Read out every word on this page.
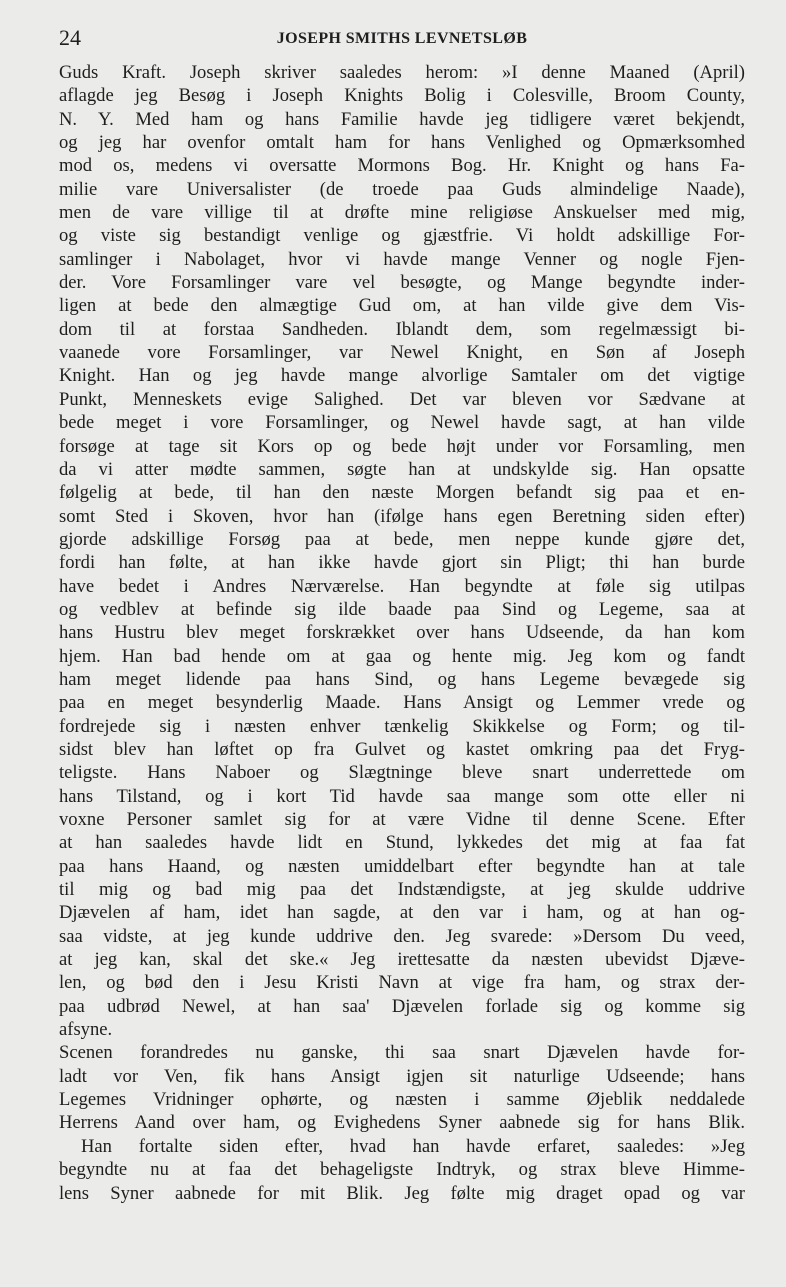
24	JOSEPH SMITHS LEVNETSLØB
Guds Kraft. Joseph skriver saaledes herom: »I denne Maaned (April)
aflagde jeg Besøg i Joseph Knights Bolig i Colesville, Broom County,
N. Y. Med ham og hans Familie havde jeg tidligere været bekjendt,
og jeg har ovenfor omtalt ham for hans Venlighed og Opmærksomhed
mod os, medens vi oversatte Mormons Bog. Hr. Knight og hans Fa-
milie vare Universalister (de troede paa Guds almindelige Naade),
men de vare villige til at drøfte mine religiøse Anskuelser med mig,
og viste sig bestandigt venlige og gjæstfrie. Vi holdt adskillige For-
samlinger i Nabolaget, hvor vi havde mange Venner og nogle Fjen-
der. Vore Forsamlinger vare vel besøgte, og Mange begyndte inder-
ligen at bede den almægtige Gud om, at han vilde give dem Vis-
dom til at forstaa Sandheden. Iblandt dem, som regelmæssigt bi-
vaanede vore Forsamlinger, var Newel Knight, en Søn af Joseph
Knight. Han og jeg havde mange alvorlige Samtaler om det vigtige
Punkt, Menneskets evige Salighed. Det var bleven vor Sædvane at
bede meget i vore Forsamlinger, og Newel havde sagt, at han vilde
forsøge at tage sit Kors op og bede højt under vor Forsamling, men
da vi atter mødte sammen, søgte han at undskylde sig. Han opsatte
følgelig at bede, til han den næste Morgen befandt sig paa et en-
somt Sted i Skoven, hvor han (ifølge hans egen Beretning siden efter)
gjorde adskillige Forsøg paa at bede, men neppe kunde gjøre det,
fordi han følte, at han ikke havde gjort sin Pligt; thi han burde
have bedet i Andres Nærværelse. Han begyndte at føle sig utilpas
og vedblev at befinde sig ilde baade paa Sind og Legeme, saa at
hans Hustru blev meget forskrækket over hans Udseende, da han kom
hjem. Han bad hende om at gaa og hente mig. Jeg kom og fandt
ham meget lidende paa hans Sind, og hans Legeme bevægede sig
paa en meget besynderlig Maade. Hans Ansigt og Lemmer vrede og
fordrejede sig i næsten enhver tænkelig Skikkelse og Form; og til-
sidst blev han løftet op fra Gulvet og kastet omkring paa det Fryg-
teligste. Hans Naboer og Slægtninge bleve snart underrettede om
hans Tilstand, og i kort Tid havde saa mange som otte eller ni
voxne Personer samlet sig for at være Vidne til denne Scene. Efter
at han saaledes havde lidt en Stund, lykkedes det mig at faa fat
paa hans Haand, og næsten umiddelbart efter begyndte han at tale
til mig og bad mig paa det Indstændigste, at jeg skulde uddrive
Djævelen af ham, idet han sagde, at den var i ham, og at han og-
saa vidste, at jeg kunde uddrive den. Jeg svarede: »Dersom Du veed,
at jeg kan, skal det ske.« Jeg irettesatte da næsten ubevidst Djæve-
len, og bød den i Jesu Kristi Navn at vige fra ham, og strax der-
paa udbrød Newel, at han saa' Djævelen forlade sig og komme sig
afsyne.
Scenen forandredes nu ganske, thi saa snart Djævelen havde for-
ladt vor Ven, fik hans Ansigt igjen sit naturlige Udseende; hans
Legemes Vridninger ophørte, og næsten i samme Øjeblik neddalede
Herrens Aand over ham, og Evighedens Syner aabnede sig for hans Blik.
Han fortalte siden efter, hvad han havde erfaret, saaledes: »Jeg
begyndte nu at faa det behageligste Indtryk, og strax bleve Himme-
lens Syner aabnede for mit Blik. Jeg følte mig draget opad og var
